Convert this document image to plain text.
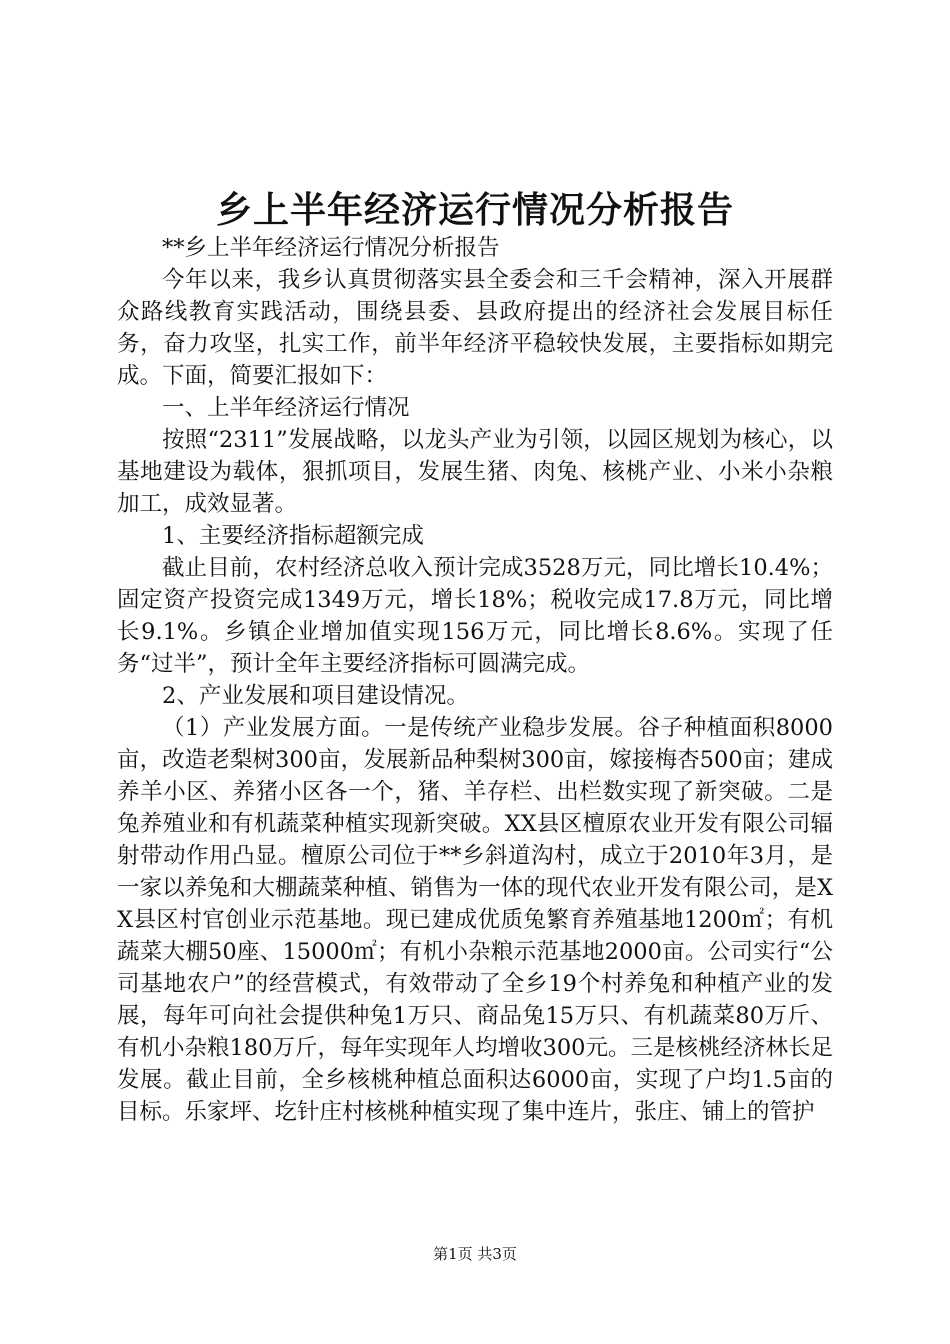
乡上半年经济运行情况分析报告

**乡上半年经济运行情况分析报告

今年以来，我乡认真贯彻落实县全委会和三千会精神，深入开展群众路线教育实践活动，围绕县委、县政府提出的经济社会发展目标任务，奋力攻坚，扎实工作，前半年经济平稳较快发展，主要指标如期完成。下面，简要汇报如下：

一、上半年经济运行情况

按照“2311”发展战略，以龙头产业为引领，以园区规划为核心，以基地建设为载体，狠抓项目，发展生猪、肉兔、核桃产业、小米小杂粮加工，成效显著。

1、主要经济指标超额完成

截止目前，农村经济总收入预计完成3528万元，同比增长10.4%；固定资产投资完成1349万元，增长18%；税收完成17.8万元，同比增长9.1%。乡镇企业增加值实现156万元，同比增长8.6%。实现了任务“过半”，预计全年主要经济指标可圆满完成。

2、产业发展和项目建设情况。

（1）产业发展方面。一是传统产业稳步发展。谷子种植面积8000亩，改造老梨树300亩，发展新品种梨树300亩，嫁接梅杏500亩；建成养羊小区、养猪小区各一个，猪、羊存栏、出栏数实现了新突破。二是兔养殖业和有机蔬菜种植实现新突破。XX县区檀原农业开发有限公司辐射带动作用凸显。檀原公司位于**乡斜道沟村，成立于2010年3月，是一家以养兔和大棚蔬菜种植、销售为一体的现代农业开发有限公司，是XX县区村官创业示范基地。现已建成优质兔繁育养殖基地1200㎡；有机蔬菜大棚50座、15000㎡；有机小杂粮示范基地2000亩。公司实行“公司基地农户”的经营模式，有效带动了全乡19个村养兔和种植产业的发展，每年可向社会提供种兔1万只、商品兔15万只、有机蔬菜80万斤、有机小杂粮180万斤，每年实现年人均增收300元。三是核桃经济林长足发展。截止目前，全乡核桃种植总面积达6000亩，实现了户均1.5亩的目标。乐家坪、圪针庄村核桃种植实现了集中连片，张庄、铺上的管护

第1页 共3页
